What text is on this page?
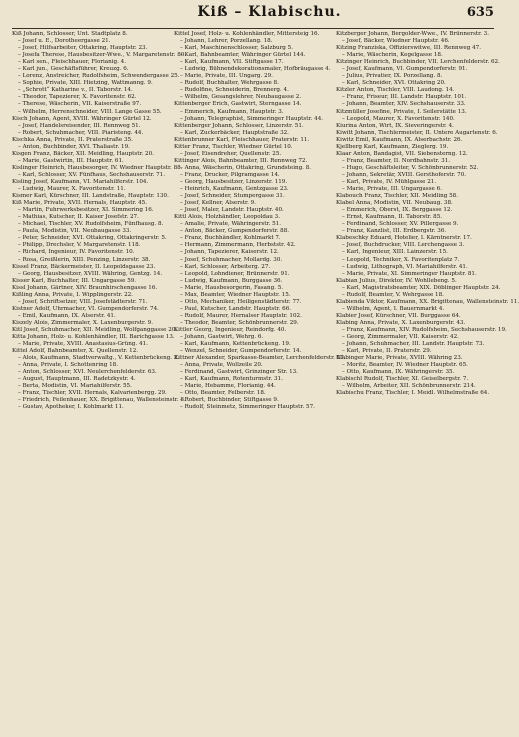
Kiß – Klabischu.	635

Kiß Johann, Schlosser, Unt. Stadtplatz 8.

– Josef u. E., Dorotheergasse 21.

– Josef, Hilfsarbeiter, Ottakring, Hauptstr. 23.

– Josefa Therese, Hausbesitzer-Wwe., V. Margaretenstr. 80.

– Karl sen., Fleischhauer, Florianig. 4.

– Karl jun., Geschäftsführer, Kreuzg. 6.

– Lorenz, Anstreicher, Rudolfsheim, Schwendergasse 25.

– Sophie, Private, XIII. Hietzing, Wattmanng. 9.

– „Schrott“ Katharine v., II. Taborstr. 14.

– Theodor, Tapezierer, X. Favoritenstr. 62.

– Therese, Wäscherin, VII. Kaiserstraße 97.

– Wilhelm, Herrenschneider, VIII. Lange Gasse 55.

Kisch Johann, Agent, XVIII. Währinger Gürtel 12.

– Josef, Handelsreisender, III. Rennweg 51.

– Robert, Schuhmacher, VIII. Piaristeng. 44.

Kischka Anna, Private, II. Praterstraße 35.

– Anton, Buchbinder, XVI. Thaliastr. 19.

Kisgen Franz, Bäcker, XII. Meidling, Hauptstr. 20.

– Marie, Gastwirtin, III. Hauptstr. 61.

Kislinger Heinrich, Hausbesorger, IV. Wiedner Hauptstr. 88.

– Karl, Schlosser, XV. Fünfhaus, Sechshauserstr. 71.

Kisling Josef, Kaufmann, VI. Mariahilferstr. 104.

– Ludwig, Maurer, X. Favoritenstr. 11.

Kismer Karl, Kürschner, III. Landstraße, Hauptstr. 130.

Kiß Marie, Private, XVII. Hernals, Hauptstr. 45.

– Martin, Fuhrwerksbesitzer, XI. Simmering 16.

– Mathias, Kutscher, II. Kaiser Josefstr. 27.

– Michael, Tischler, XV. Rudolfsheim, Fünfhausg. 8.

– Paula, Modistin, VII. Neubaugasse 33.

– Peter, Schneider, XVI. Ottakring, Ottakringerstr. 5.

– Philipp, Drechsler, V. Margaretenstr. 118.

– Richard, Ingenieur, IV. Favoritenstr. 10.

– Rosa, Greißlerin, XIII. Penzing, Linzerstr. 38.

Kissel Franz, Bäckermeister, II. Leopoldsgasse 23.

– Georg, Hausbesitzer, XVIII. Währing, Gentzg. 14.

Kisser Karl, Buchhalter, III. Ungargasse 59.

Kissl Johann, Gärtner, XIV. Braunhirschengasse 16.

Kißling Anna, Private, I. Wipplingerstr. 22.

– Josef, Schriftsetzer, VIII. Josefstädterstr. 71.

Kistner Adolf, Uhrmacher, VI. Gumpendorferstr. 74.

– Emil, Kaufmann, IX. Alserstr. 41.

Kiszely Alois, Zimmermaler, X. Laxenburgerstr. 9.

Kitl Josef, Schuhmacher, XII. Meidling, Wolfganggasse 20.

Kitta Johann, Holz- u. Kohlenhändler, III. Barichgasse 13.

– Marie, Private, XVIII. Anastasius-Grüng. 41.

Kittel Adolf, Bahnbeamter, X. Quellenstr. 12.

– Alois, Kaufmann, Stadtverwaltg., V. Kettenbrückeng. 2.

– Anna, Private, I. Schottenring 18.

– Anton, Schlosser, XVI. Neulerchenfelderstr. 63.

– August, Hauptmann, III. Radetzkystr. 4.

– Berta, Modistin, VI. Mariahilferstr. 55.

– Franz, Tischler, XVII. Hernals, Kalvarienbergg. 29.

– Friedrich, Feilenhauer, XX. Brigittenau, Wallensteinstr. 8.

– Gustav, Apotheker, I. Kohlmarkt 11.

Kittel Josef, Holz- u. Kohlenhändler, Mittersteig 16.

– Johann, Lehrer, Porzellang. 18.

– Karl, Maschinenschlosser, Salzburg 5.

– Karl, Bahnbeamter, Währinger Gürtel 144.

– Karl, Kaufmann, VII. Stiftgasse 17.

– Ludwig, Bühnendekorationsmaler, Hofbräugasse 4.

– Marie, Private, III. Ungarg. 29.

– Rudolf, Buchhalter, Wehrgasse 8.

– Rudolfine, Schneiderin, Brennerg. 4.

– Wilhelm, Gesangslehrer, Neubaugasse 2.

Kittenberger Erich, Gastwirt, Sterngasse 14.

– Emmerich, Kaufmann, Hauptstr. 3.

– Johann, Telegraphist, Simmeringer Hauptstr. 44.

Kittenberger Johann, Schlosser, Linzerstr. 51.

– Karl, Zuckerbäcker, Hauptstraße 32.

Kittenbrunner Karl, Fleischhauer, Praterstr. 11.

Kitter Franz, Tischler, Wiedner Gürtel 10.

– Josef, Eisendreher, Quellenstr. 25.

Kittinger Alois, Bahnbeamter, III. Rennweg 72.

– Anna, Wäscherin, Ottakring, Grundsteing. 8.

– Franz, Drucker, Pilgramgasse 14.

– Georg, Hausbesitzer, Linzerstr. 119.

– Heinrich, Kaufmann, Gentzgasse 23.

– Josef, Schneider, Stumpergasse 31.

– Josef, Kellner, Alserstr. 9.

– Josef, Maler, Landstr. Hauptstr. 40.

Kittl Alois, Holzhändler, Leopoldau 3.

– Amalie, Private, Währingerstr. 51.

– Anton, Bäcker, Gumpendorferstr. 88.

– Franz, Buchhändler, Kohlmarkt 7.

– Hermann, Zimmermann, Herbststr. 42.

– Johann, Tapezierer, Kaiserstr. 12.

– Josef, Schuhmacher, Mollardg. 30.

– Karl, Schlosser, Arbeiterg. 27.

– Leopold, Lohndiener, Brünnerstr. 91.

– Ludwig, Kaufmann, Burggasse 36.

– Marie, Hausbesorgerin, Fasang. 5.

– Max, Beamter, Wiedner Hauptstr. 15.

– Otto, Mechaniker, Heiligenstädterstr. 77.

– Paul, Kutscher, Landstr. Hauptstr. 66.

– Rudolf, Maurer, Hernalser Hauptstr. 102.

– Theodor, Beamter, Schönbrunnerstr. 29.

Kittler Georg, Ingenieur, Reindorfg. 40.

– Johann, Gastwirt, Wehrg. 6.

– Karl, Kaufmann, Kettenbrückeng. 19.

– Wenzel, Schneider, Gumpendorferstr. 14.

Kittner Alexander, Sparkasse-Beamter, Lerchenfelderstr. 57.

– Anna, Private, Wollzeile 20.

– Ferdinand, Gastwirt, Grinzinger Str. 13.

– Karl, Kaufmann, Rotenturmstr. 31.

– Marie, Hebamme, Florianig. 44.

– Otto, Beamter, Felberstr. 18.

– Robert, Buchbinder, Stiftgasse 9.

– Rudolf, Steinmetz, Simmeringer Hauptstr. 57.

Kitzberger Johann, Bergolder-Wwe., IV. Brünnerstr. 3.

– Josef, Bäcker, Wiedner Hauptstr. 46.

Kitzing Franziska, Offizierswitwe, III. Rennweg 47.

– Marie, Wäscherin, Kegelgasse 18.

Kitzinger Heinrich, Buchbinder, VII. Lerchenfelderstr. 62.

– Josef, Kaufmann, VI. Gumpendorferstr. 91.

– Julius, Privatier, IX. Porzellang. 8.

– Karl, Schneider, XVI. Ottakring 20.

Kitzler Anton, Tischler, VIII. Laudong. 14.

– Franz, Friseur, III. Landstr. Hauptstr. 101.

– Johann, Beamter, XIV. Sechshauserstr. 33.

Kitzmüller Josefine, Private, I. Seilerstätte 13.

– Leopold, Maurer, X. Favoritenstr. 140.

Kiurina Anton, Wirt, IX. Sieveringerstr. 4.

Kiwitt Johann, Tischlermeister, II. Untere Augartenstr. 6.

Kiwitz Emil, Kaufmann, IX. Alserbachstr. 26.

Kjellberg Karl, Kaufmann, Zieglerg. 19.

Klaar Anton, Bandagist, VII. Siebensterng. 12.

– Franz, Beamter, II. Nordbahnstr. 31.

– Hugo, Geschäftsleiter, V. Schönbrunnerstr. 52.

– Johann, Sekretär, XVIII. Gersthoferstr. 70.

– Karl, Private, IV. Mühlgasse 21.

– Marie, Private, III. Ungargasse 6.

Klabouch Franz, Tischler, XII. Meidling 58.

Klabel Anna, Modistin, VII. Neubaug. 38.

– Emmerich, Oberst, IX. Berggasse 12.

– Ernst, Kaufmann, II. Taborstr. 85.

– Ferdinand, Schlosser, XV. Pillergasse 9.

– Franz, Kanzlist, III. Erdbergstr. 36.

Klabeschky Eduard, Hotelier, I. Kärntnerstr. 17.

– Josef, Buchdrucker, VIII. Lerchengasse 3.

– Karl, Ingenieur, XIII. Lainzerstr. 15.

– Leopold, Techniker, X. Favoritenplatz 7.

– Ludwig, Lithograph, VI. Mariahilferstr. 41.

– Marie, Private, XI. Simmeringer Hauptstr. 81.

Klabian Julius, Direktor, IV. Wohllebeng. 5.

– Karl, Magistratsbeamter, XIX. Döblinger Hauptstr. 24.

– Rudolf, Beamter, V. Wehrgasse 18.

Klabienda Viktor, Kaufmann, XX. Brigittenau, Wallensteinstr. 11.

– Wilhelm, Agent, I. Bauernmarkt 4.

Klabier Josef, Kürschner, VII. Burggasse 64.

Klabing Anna, Private, X. Laxenburgerstr. 43.

– Franz, Kaufmann, XIV. Rudolfsheim, Sechshauserstr. 19.

– Georg, Zimmermaler, VII. Kaiserstr. 42.

– Johann, Schuhmacher, III. Landstr. Hauptstr. 73.

– Karl, Private, II. Praterstr. 29.

Klabinger Marie, Private, XVIII. Währing 23.

– Moritz, Beamter, IV. Wiedner Hauptstr. 65.

– Otto, Kaufmann, IX. Währingerstr. 35.

Klabischl Rudolf, Tischler, XI. Geiselbergstr. 7.

– Wilhelm, Arbeiter, XII. Schönbrunnerstr. 214.

Klabischu Franz, Tischler, I. Meidl. Wilhelmstraße 64.
